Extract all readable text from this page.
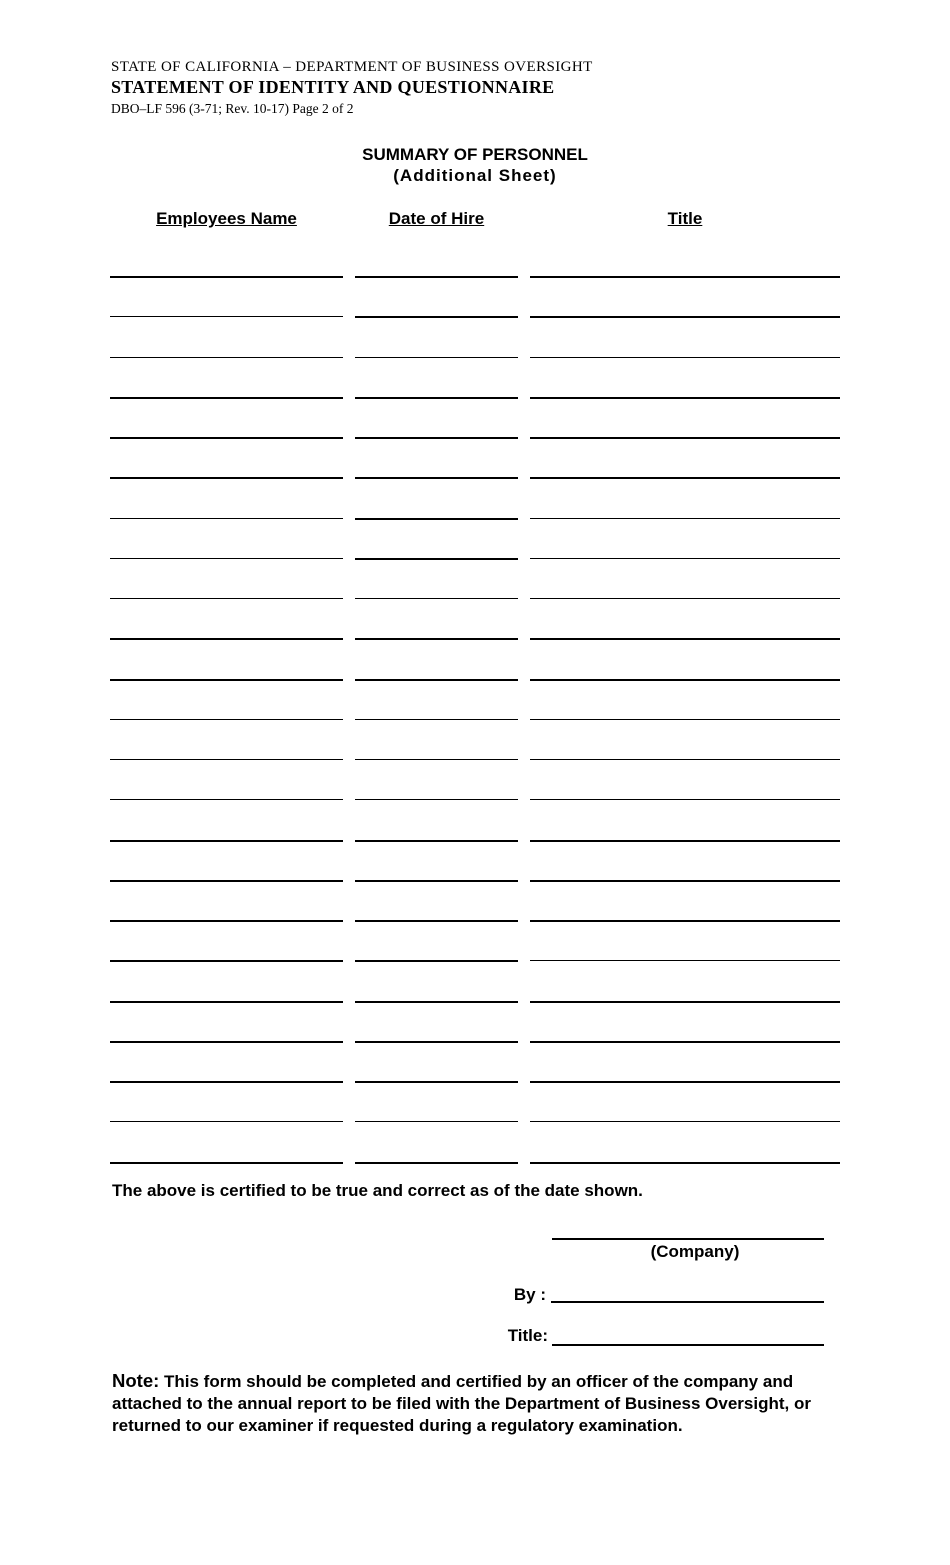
STATE OF CALIFORNIA – DEPARTMENT OF BUSINESS OVERSIGHT
STATEMENT OF IDENTITY AND QUESTIONNAIRE
DBO–LF 596 (3-71; Rev. 10-17) Page 2 of 2
SUMMARY OF PERSONNEL
(Additional Sheet)
Employees Name	Date of Hire	Title
The above is certified to be true and correct as of the date shown.
(Company)
By :
Title:
Note: This form should be completed and certified by an officer of the company and attached to the annual report to be filed with the Department of Business Oversight, or returned to our examiner if requested during a regulatory examination.
